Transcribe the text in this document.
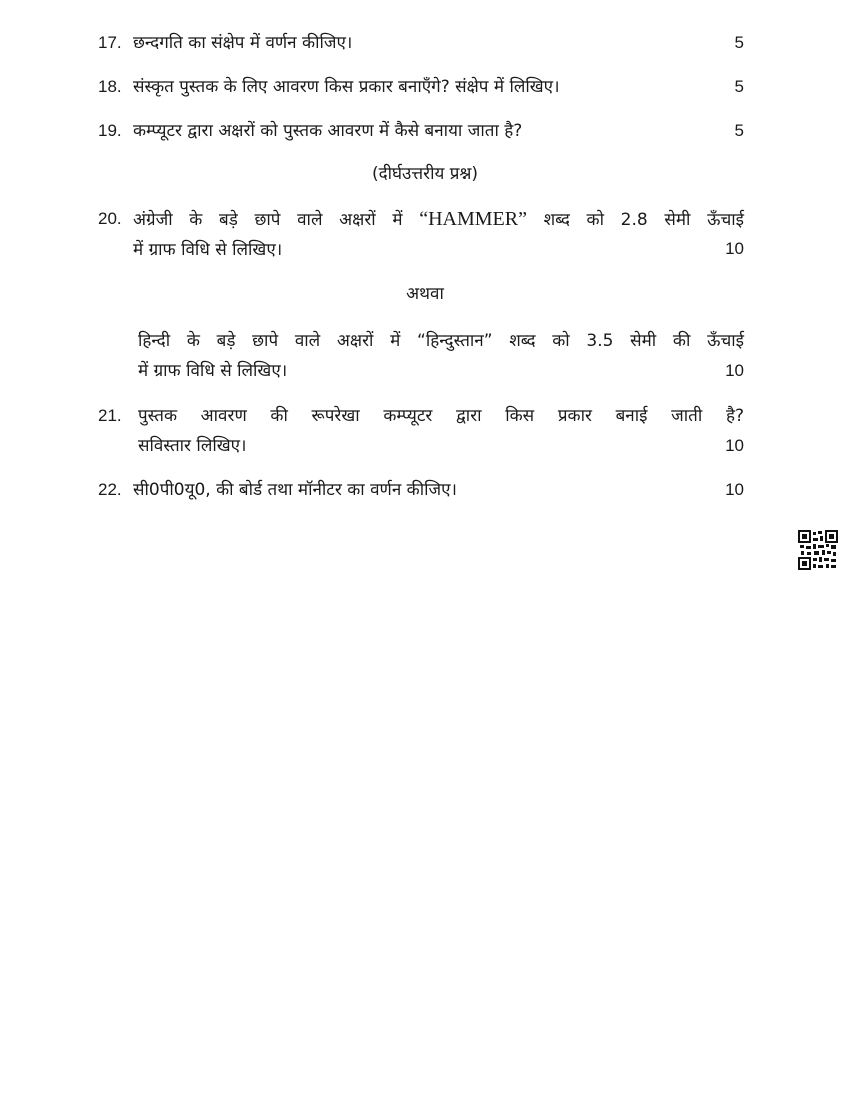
17. छन्दगति का संक्षेप में वर्णन कीजिए।	5
18. संस्कृत पुस्तक के लिए आवरण किस प्रकार बनाएँगे? संक्षेप में लिखिए।	5
19. कम्प्यूटर द्वारा अक्षरों को पुस्तक आवरण में कैसे बनाया जाता है?	5
(दीर्घउत्तरीय प्रश्न)
20. अंग्रेजी के बड़े छापे वाले अक्षरों में “HAMMER” शब्द को 2.8 सेमी ऊँचाई
में ग्राफ विधि से लिखिए।	10
अथवा
हिन्दी के बड़े छापे वाले अक्षरों में “हिन्दुस्तान” शब्द को 3.5 सेमी की ऊँचाई
में ग्राफ विधि से लिखिए।	10
21. पुस्तक आवरण की रूपरेखा कम्प्यूटर द्वारा किस प्रकार बनाई जाती है?
सविस्तार लिखिए।	10
22. सी0पी0यू0, की बोर्ड तथा मॉनीटर का वर्णन कीजिए।	10
